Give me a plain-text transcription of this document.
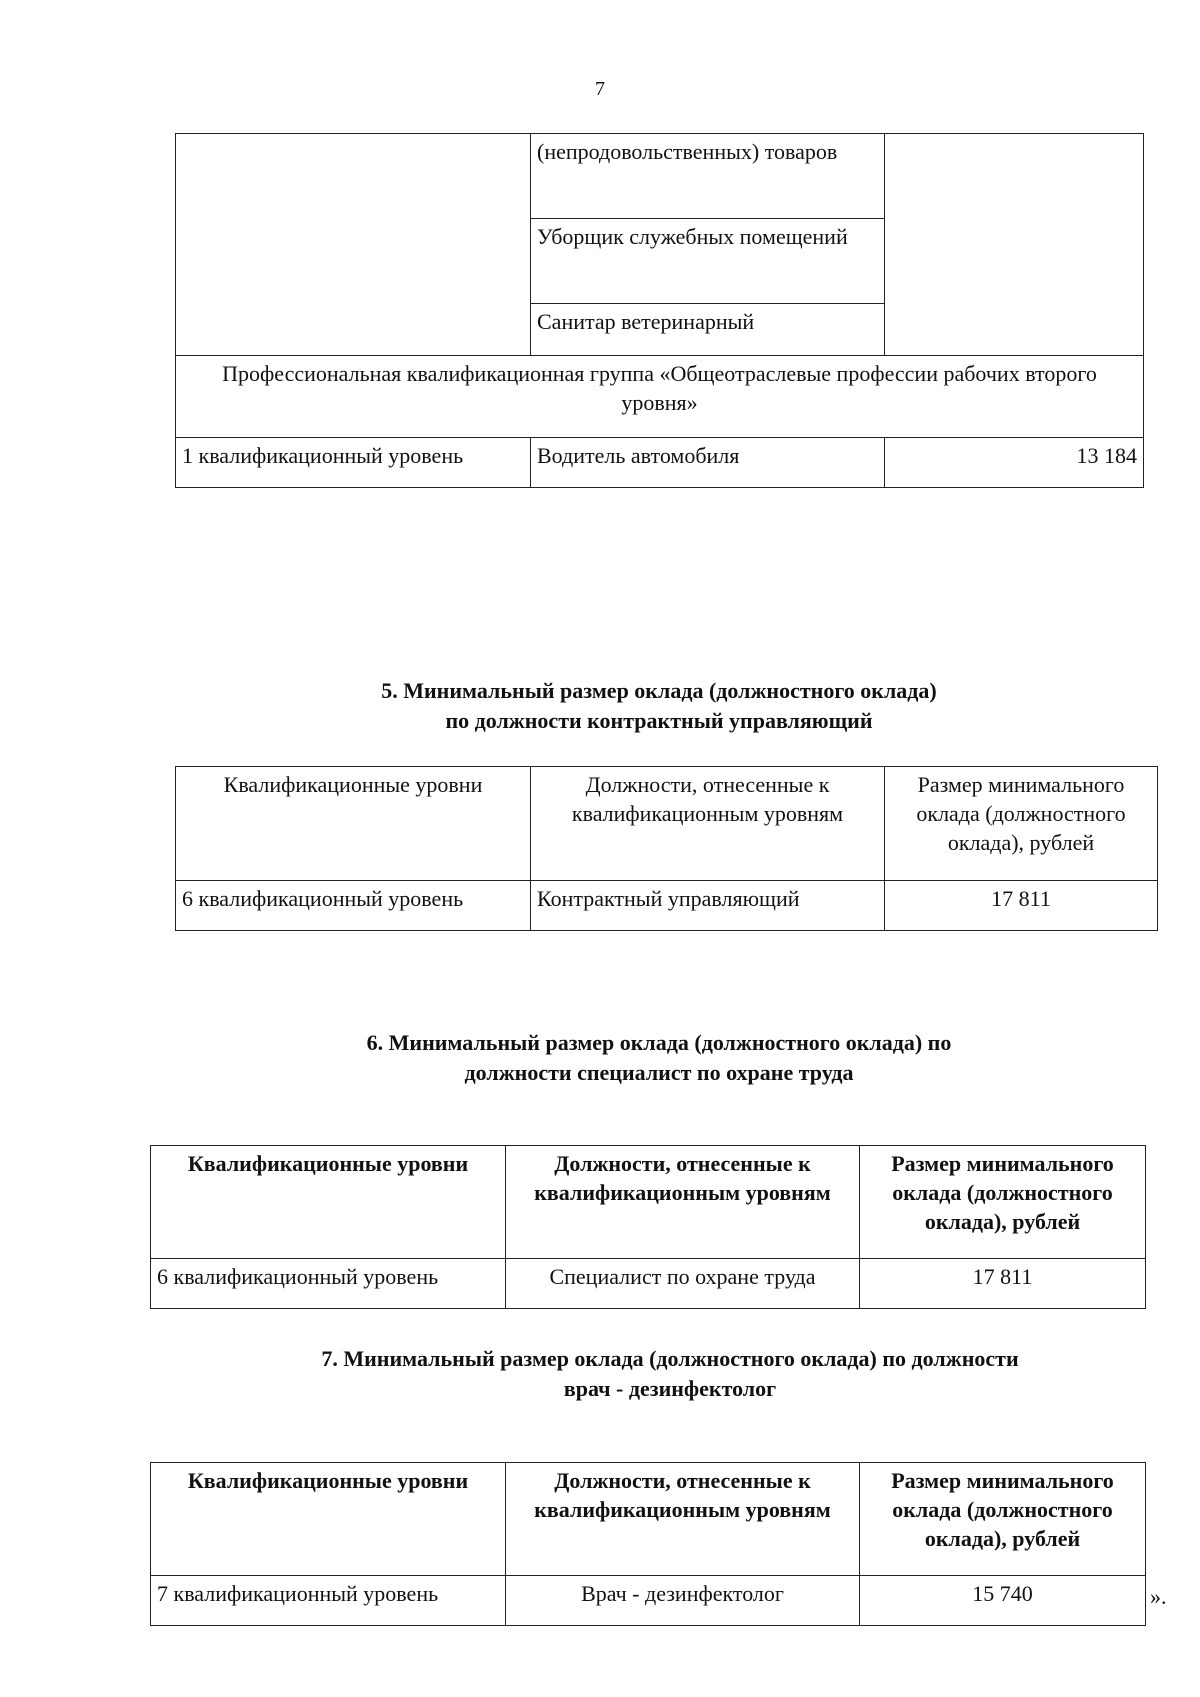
7
	(непродовольственных) товаров	
	Уборщик служебных помещений	
	Санитар ветеринарный	
Профессиональная квалификационная группа «Общеотраслевые профессии рабочих второго уровня»		
1 квалификационный уровень	Водитель автомобиля	13 184
5. Минимальный размер оклада (должностного оклада)
по должности контрактный управляющий
Квалификационные уровни	Должности, отнесенные к квалификационным уровням	Размер минимального оклада (должностного оклада), рублей
6 квалификационный уровень	Контрактный управляющий	17 811
6. Минимальный размер оклада (должностного оклада) по
должности специалист по охране труда
Квалификационные уровни	Должности, отнесенные к квалификационным уровням	Размер минимального оклада (должностного оклада), рублей
6 квалификационный уровень	Специалист по охране труда	17 811
7. Минимальный размер оклада (должностного оклада) по должности
врач - дезинфектолог
Квалификационные уровни	Должности, отнесенные к квалификационным уровням	Размер минимального оклада (должностного оклада), рублей
7 квалификационный уровень	Врач - дезинфектолог	15 740	».
